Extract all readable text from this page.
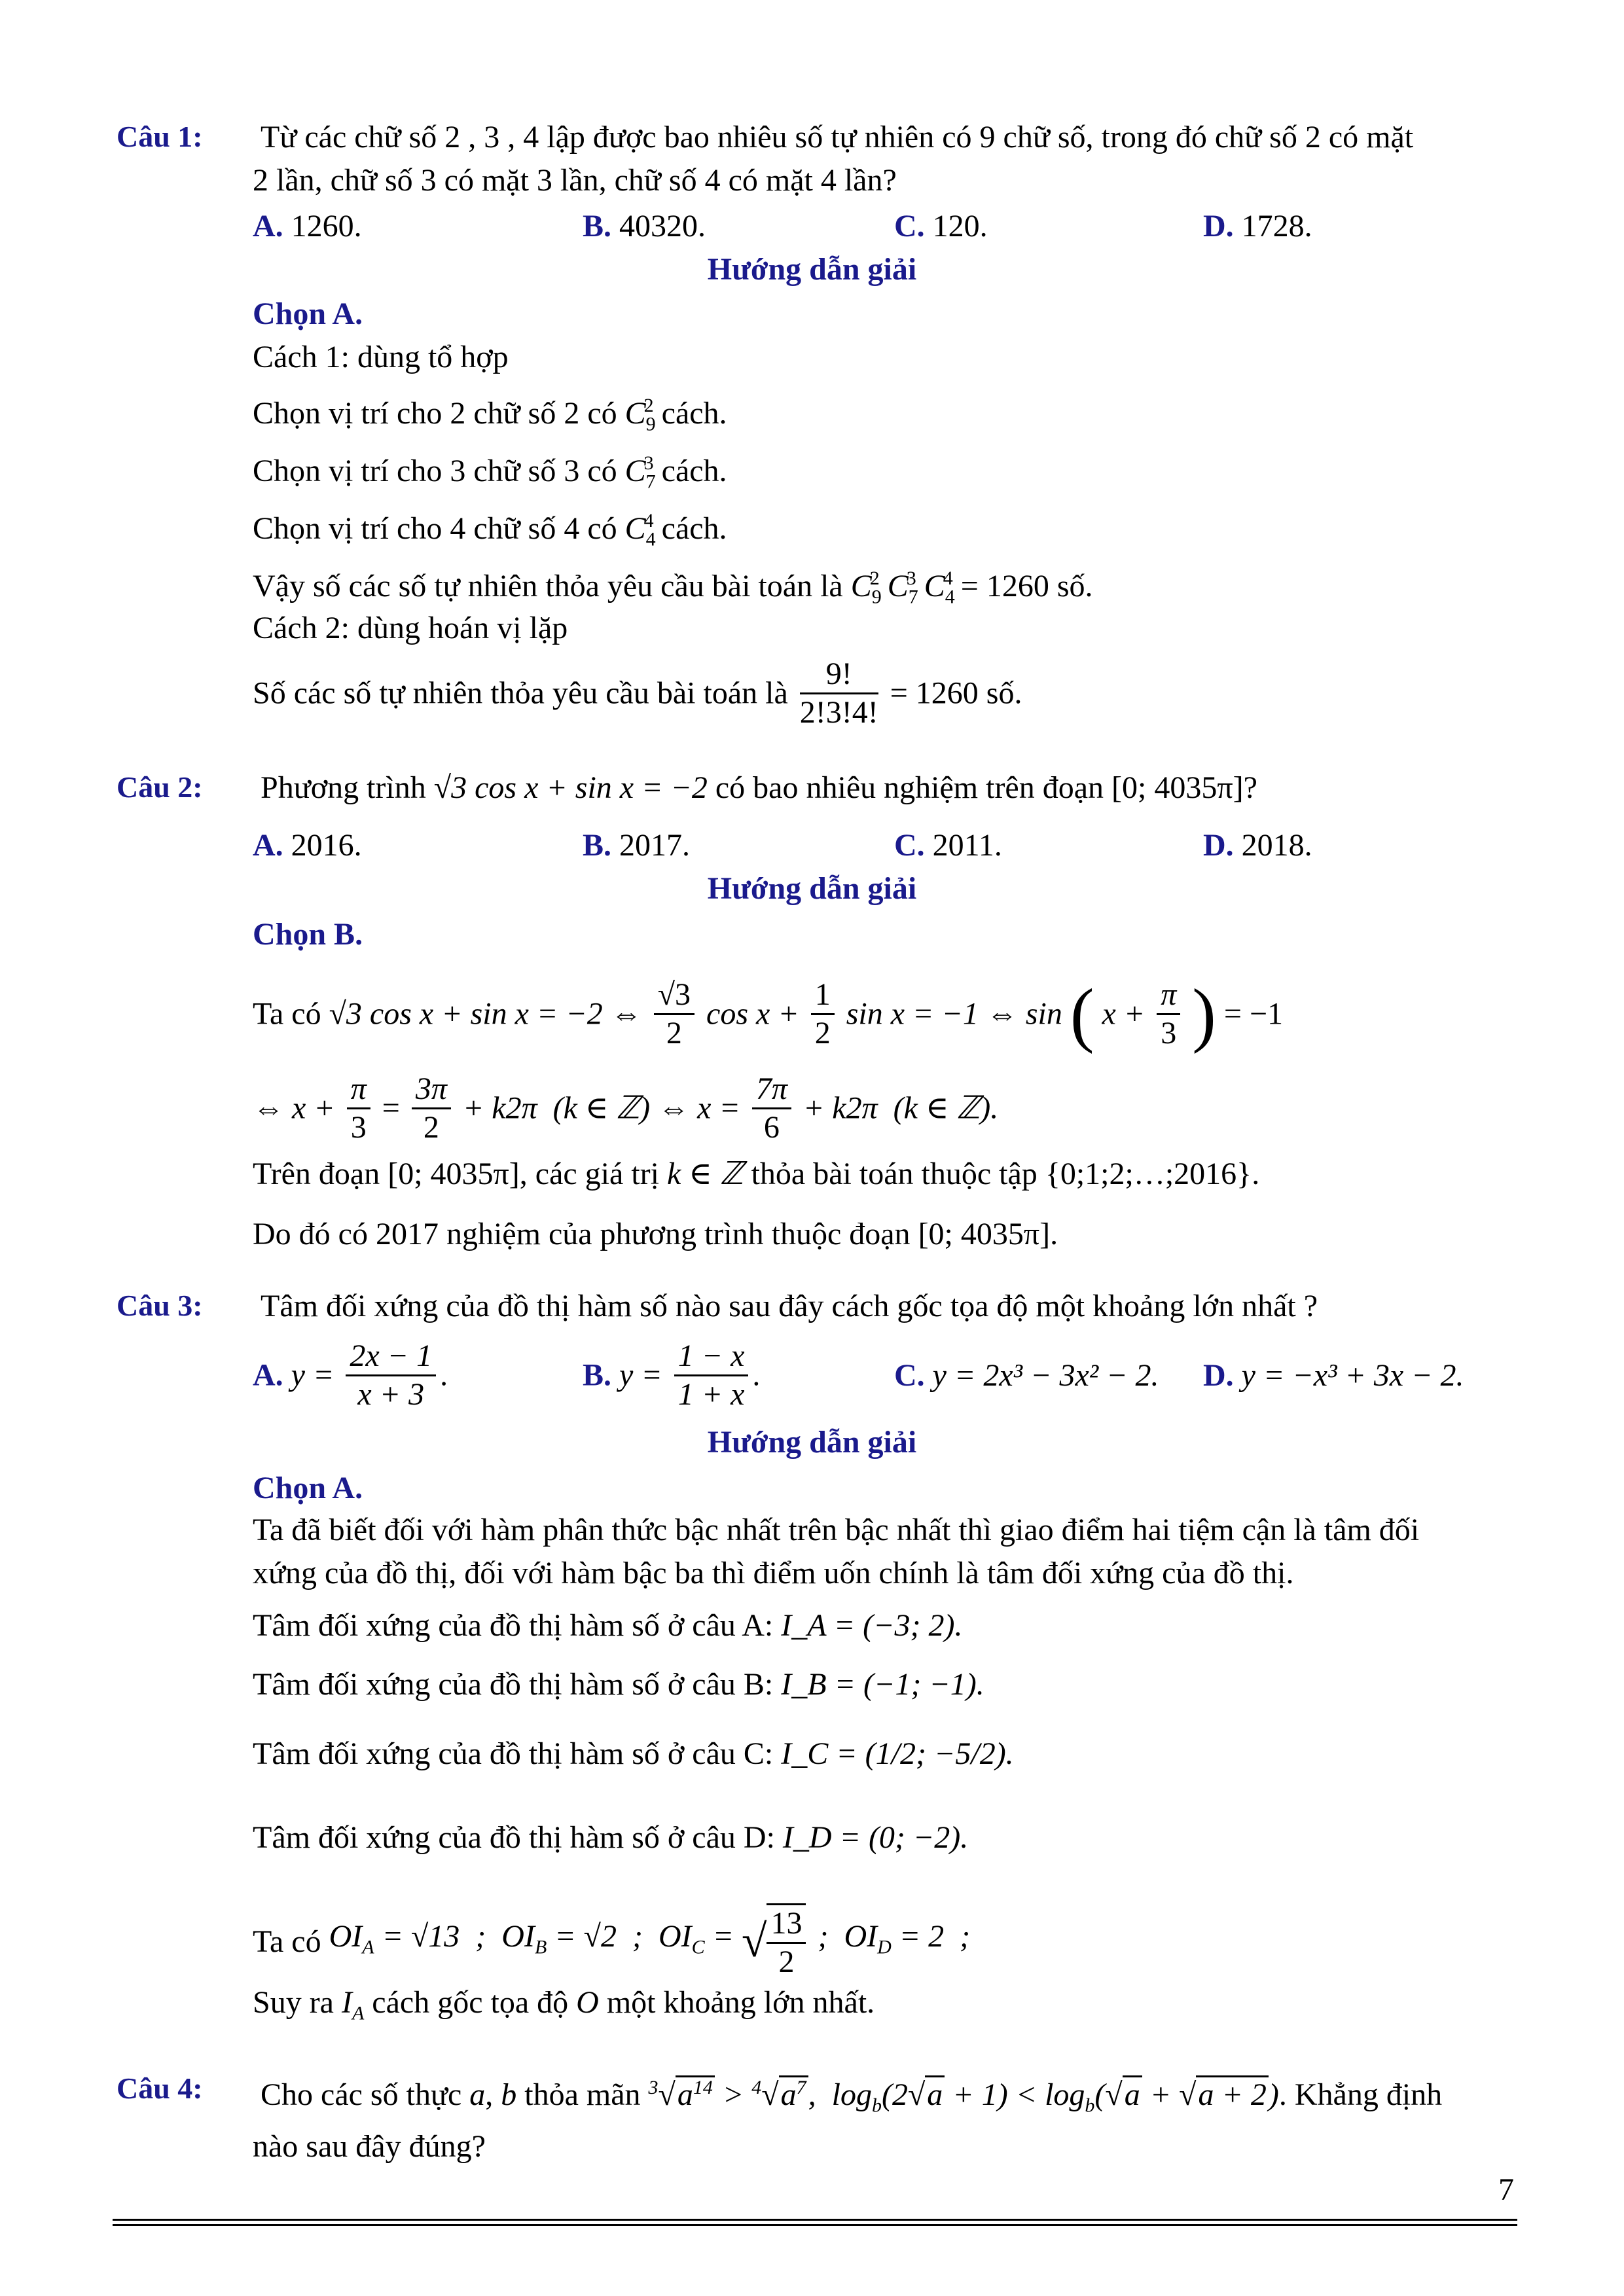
Câu 1: Từ các chữ số 2 , 3 , 4 lập được bao nhiêu số tự nhiên có 9 chữ số, trong đó chữ số 2 có mặt
2 lần, chữ số 3 có mặt 3 lần, chữ số 4 có mặt 4 lần?
A. 1260.	B. 40320.	C. 120.	D. 1728.
Hướng dẫn giải
Chọn A.
Cách 1: dùng tổ hợp
Chọn vị trí cho 2 chữ số 2 có $C_9^2$ cách.
Chọn vị trí cho 3 chữ số 3 có $C_7^3$ cách.
Chọn vị trí cho 4 chữ số 4 có $C_4^4$ cách.
Vậy số các số tự nhiên thỏa yêu cầu bài toán là $C_9^2$ $C_7^3$ $C_4^4 = 1260$ số.
Cách 2: dùng hoán vị lặp
Số các số tự nhiên thỏa yêu cầu bài toán là $\frac{9!}{2!3!4!} = 1260$ số.
Câu 2: Phương trình √3 cos x + sin x = −2 có bao nhiêu nghiệm trên đoạn [0; 4035π]?
A. 2016.	B. 2017.	C. 2011.	D. 2018.
Hướng dẫn giải
Chọn B.
Ta có √3 cos x + sin x = −2 ⇔ $\frac{√3}{2}$ $\cos x + \frac{1}{2}$ sin x = −1 ⇔ sin ( $x + \frac{\pi}{3}$ ) = −1
⇔ $x + \frac{\pi}{3} = \frac{3\pi}{2} + k2\pi$  (k ∈ ℤ) ⇔ $x = \frac{7\pi}{6} + k2\pi$  (k ∈ ℤ).
Trên đoạn [0; 4035π], các giá trị k ∈ ℤ thỏa bài toán thuộc tập {0;1;2;…;2016}.
Do đó có 2017 nghiệm của phương trình thuộc đoạn [0; 4035π].
Câu 3: Tâm đối xứng của đồ thị hàm số nào sau đây cách gốc tọa độ một khoảng lớn nhất ?
A. $y = \frac{2x - 1}{x + 3}$ .	B. $y = \frac{1 - x}{1 + x}$ .	C. y = 2x³ − 3x² − 2. D. y = −x³ + 3x − 2.
Hướng dẫn giải
Chọn A.
Ta đã biết đối với hàm phân thức bậc nhất trên bậc nhất thì giao điểm hai tiệm cận là tâm đối
xứng của đồ thị, đối với hàm bậc ba thì điểm uốn chính là tâm đối xứng của đồ thị.
Tâm đối xứng của đồ thị hàm số ở câu A: I_A = (−3; 2).
Tâm đối xứng của đồ thị hàm số ở câu B: I_B = (−1; −1).
Tâm đối xứng của đồ thị hàm số ở câu C: I_C = (1/2; −5/2).
Tâm đối xứng của đồ thị hàm số ở câu D: I_D = (0; −2).
Ta có $OI_A = √13$  ;  $OI_B = √2$  ;  $OI_C$ = √ $\frac{13}{2}$ ;  $OI_D = 2$  ;
Suy ra $I_A$ cách gốc tọa độ O một khoảng lớn nhất.
Câu 4: Cho các số thực a, b thỏa mãn $^3√a^{14} > ^4√a^7$,  $\log_b(2√a + 1) < \log_b(√a + √a + 2)$. Khẳng định
nào sau đây đúng?
7
